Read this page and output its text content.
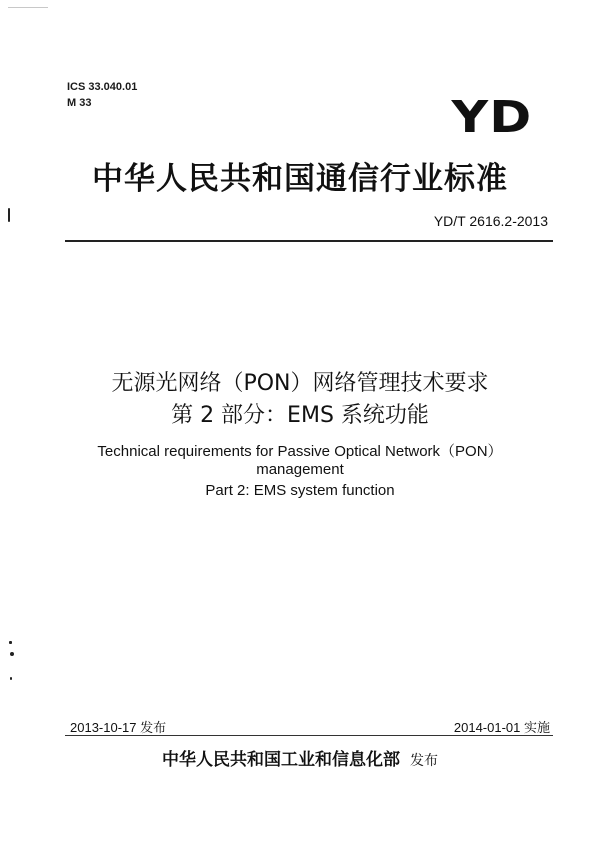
ICS 33.040.01
M 33	YD
中华人民共和国通信行业标准
YD/T 2616.2-2013
无源光网络（PON）网络管理技术要求
第 2 部分：EMS 系统功能
Technical requirements for Passive Optical Network（PON）
management
Part 2: EMS system function
2013-10-17 发布	2014-01-01 实施
中华人民共和国工业和信息化部 发布
